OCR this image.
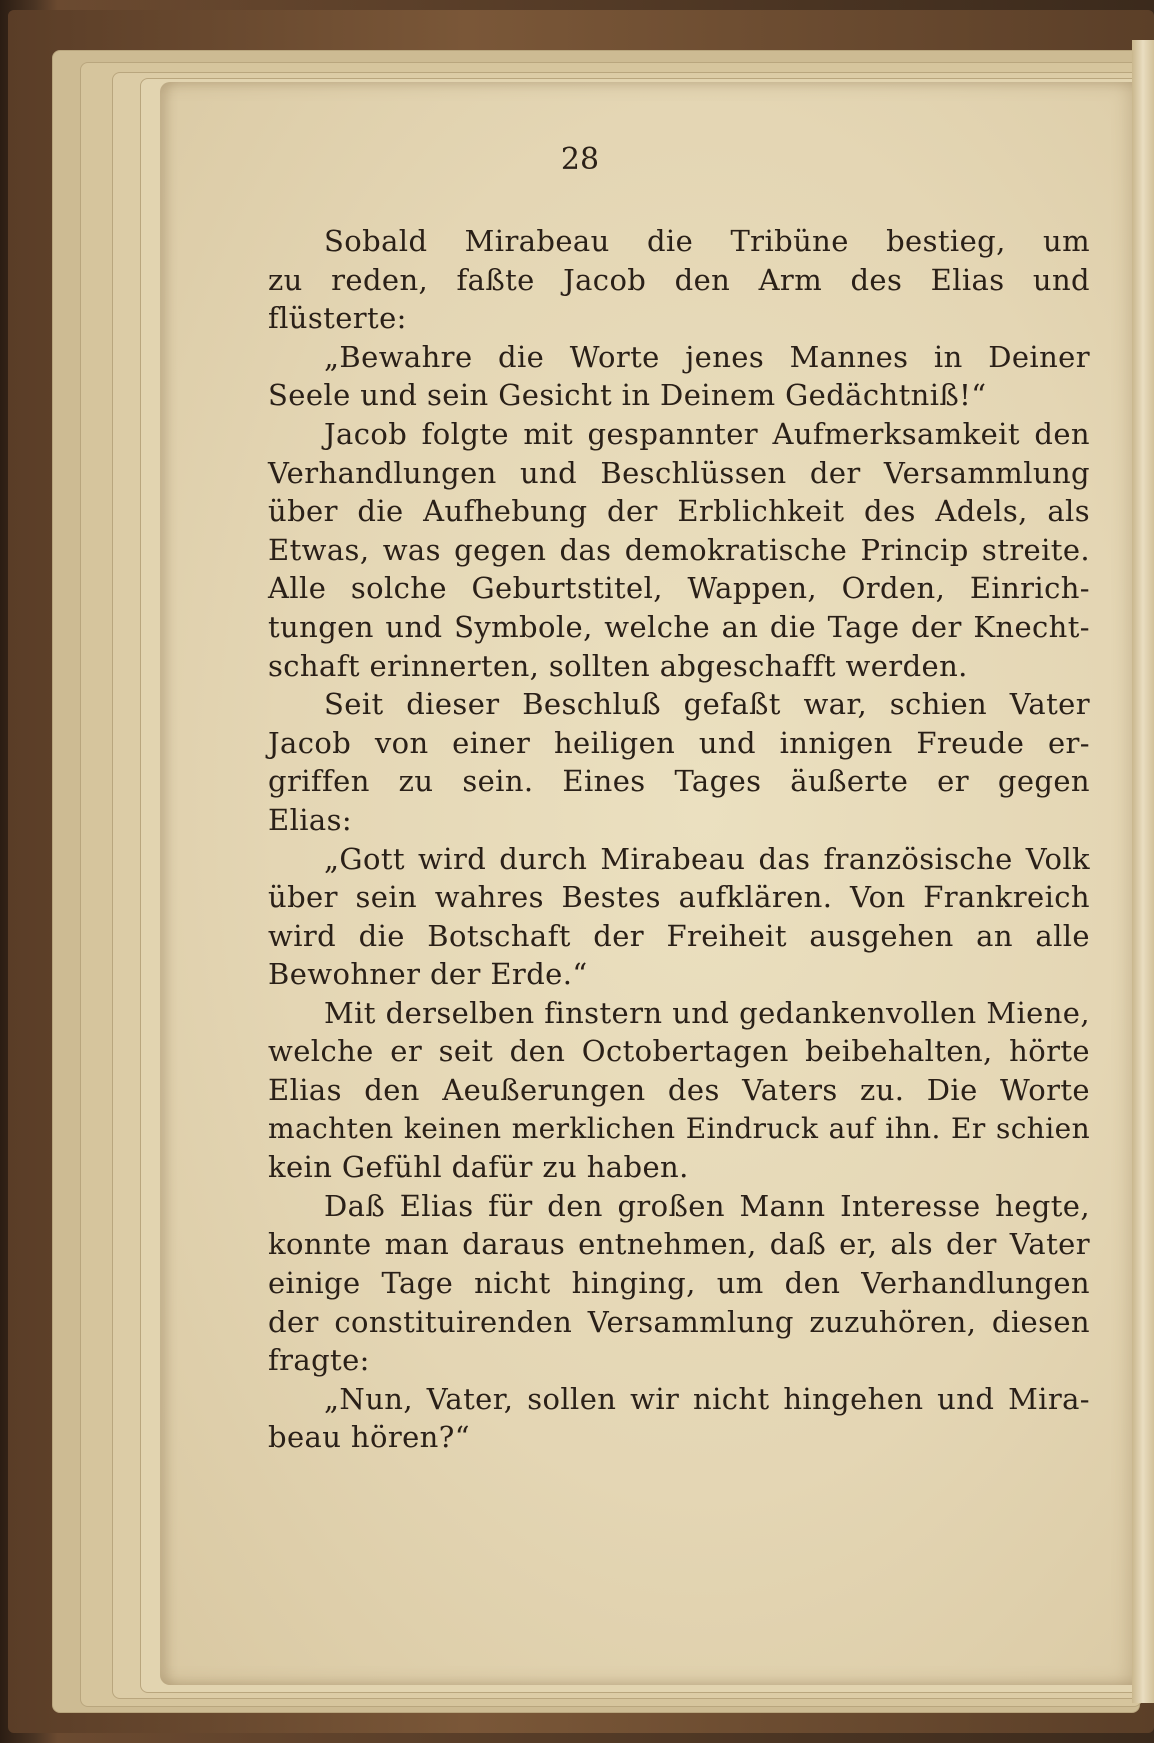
28
Sobald Mirabeau die Tribüne bestieg, um
zu reden, faßte Jacob den Arm des Elias und
flüsterte:
„Bewahre die Worte jenes Mannes in Deiner
Seele und sein Gesicht in Deinem Gedächtniß!“
Jacob folgte mit gespannter Aufmerksamkeit den
Verhandlungen und Beschlüssen der Versammlung
über die Aufhebung der Erblichkeit des Adels, als
Etwas, was gegen das demokratische Princip streite.
Alle solche Geburtstitel, Wappen, Orden, Einrich-
tungen und Symbole, welche an die Tage der Knecht-
schaft erinnerten, sollten abgeschafft werden.
Seit dieser Beschluß gefaßt war, schien Vater
Jacob von einer heiligen und innigen Freude er-
griffen zu sein. Eines Tages äußerte er gegen
Elias:
„Gott wird durch Mirabeau das französische Volk
über sein wahres Bestes aufklären. Von Frankreich
wird die Botschaft der Freiheit ausgehen an alle
Bewohner der Erde.“
Mit derselben finstern und gedankenvollen Miene,
welche er seit den Octobertagen beibehalten, hörte
Elias den Aeußerungen des Vaters zu. Die Worte
machten keinen merklichen Eindruck auf ihn. Er schien
kein Gefühl dafür zu haben.
Daß Elias für den großen Mann Interesse hegte,
konnte man daraus entnehmen, daß er, als der Vater
einige Tage nicht hinging, um den Verhandlungen
der constituirenden Versammlung zuzuhören, diesen
fragte:
„Nun, Vater, sollen wir nicht hingehen und Mira-
beau hören?“
